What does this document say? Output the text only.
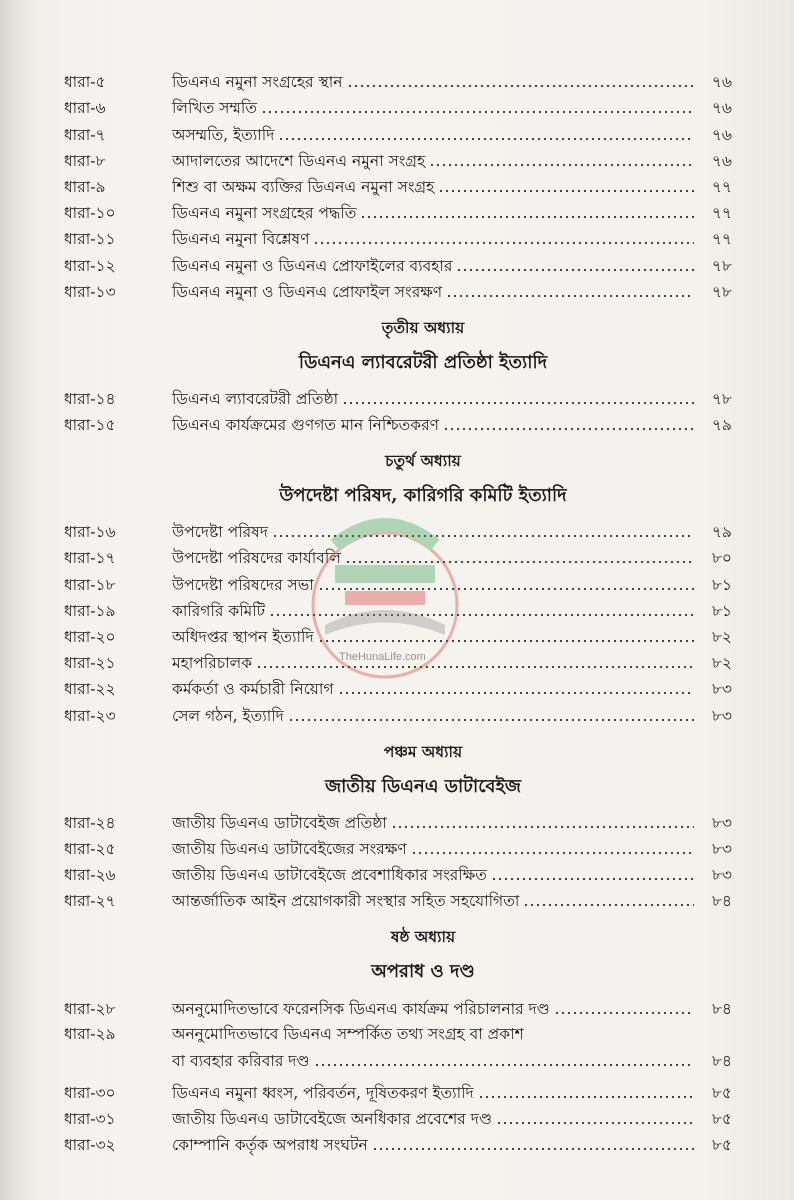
ধারা-৫	ডিএনএ নমুনা সংগ্রহের স্থান	৭৬
ধারা-৬	লিখিত সম্মতি	৭৬
ধারা-৭	অসম্মতি, ইত্যাদি	৭৬
ধারা-৮	আদালতের আদেশে ডিএনএ নমুনা সংগ্রহ	৭৬
ধারা-৯	শিশু বা অক্ষম ব্যক্তির ডিএনএ নমুনা সংগ্রহ	৭৭
ধারা-১০	ডিএনএ নমুনা সংগ্রহের পদ্ধতি	৭৭
ধারা-১১	ডিএনএ নমুনা বিশ্লেষণ	৭৭
ধারা-১২	ডিএনএ নমুনা ও ডিএনএ প্রোফাইলের ব্যবহার	৭৮
ধারা-১৩	ডিএনএ নমুনা ও ডিএনএ প্রোফাইল সংরক্ষণ	৭৮
তৃতীয় অধ্যায়
ডিএনএ ল্যাবরেটরী প্রতিষ্ঠা ইত্যাদি
ধারা-১৪	ডিএনএ ল্যাবরেটরী প্রতিষ্ঠা	৭৮
ধারা-১৫	ডিএনএ কার্যক্রমের গুণগত মান নিশ্চিতকরণ	৭৯
চতুর্থ অধ্যায়
উপদেষ্টা পরিষদ, কারিগরি কমিটি ইত্যাদি
ধারা-১৬	উপদেষ্টা পরিষদ	৭৯
ধারা-১৭	উপদেষ্টা পরিষদের কার্যাবলি	৮০
ধারা-১৮	উপদেষ্টা পরিষদের সভা	৮১
ধারা-১৯	কারিগরি কমিটি	৮১
ধারা-২০	অধিদপ্তর স্থাপন ইত্যাদি	৮২
ধারা-২১	মহাপরিচালক	৮২
ধারা-২২	কর্মকর্তা ও কর্মচারী নিয়োগ	৮৩
ধারা-২৩	সেল গঠন, ইত্যাদি	৮৩
পঞ্চম অধ্যায়
জাতীয় ডিএনএ ডাটাবেইজ
ধারা-২৪	জাতীয় ডিএনএ ডাটাবেইজ প্রতিষ্ঠা	৮৩
ধারা-২৫	জাতীয় ডিএনএ ডাটাবেইজের সংরক্ষণ	৮৩
ধারা-২৬	জাতীয় ডিএনএ ডাটাবেইজে প্রবেশাধিকার সংরক্ষিত	৮৩
ধারা-২৭	আন্তর্জাতিক আইন প্রয়োগকারী সংস্থার সহিত সহযোগিতা	৮৪
ষষ্ঠ অধ্যায়
অপরাধ ও দণ্ড
ধারা-২৮	অননুমোদিতভাবে ফরেনসিক ডিএনএ কার্যক্রম পরিচালনার দণ্ড	৮৪
ধারা-২৯	অননুমোদিতভাবে ডিএনএ সম্পর্কিত তথ্য সংগ্রহ বা প্রকাশ
বা ব্যবহার করিবার দণ্ড	৮৪
ধারা-৩০	ডিএনএ নমুনা ধ্বংস, পরিবর্তন, দূষিতকরণ ইত্যাদি	৮৫
ধারা-৩১	জাতীয় ডিএনএ ডাটাবেইজে অনধিকার প্রবেশের দণ্ড	৮৫
ধারা-৩২	কোম্পানি কর্তৃক অপরাধ সংঘটন	৮৫
TheHunaLife.com
